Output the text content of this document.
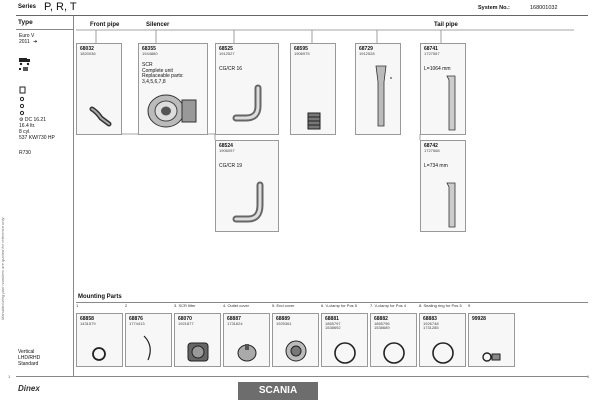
Manufacturing part numbers are quoted for reference only
Series P, R, T	System No.:	168001032
Type
Euro V
2011 ➔
⚙ DC 16.21
16.4 ltr.
8 cyl.
537 KW/730 HP
R730
Front pipe	Silencer	Tail pipe
68032
1820036
68355
1944880
SCR
Complete unit
Replaceable parts:
3,4,5,6,7,8
68525
1912527
CG/CR 16
68595
1906975
68729
1912528
68741
1727567
L=1064 mm
68524
1906097
CG/CR 19
68742
1727568
L=734 mm
Mounting Parts
1
68858
1431579
2
68876
1774413
3. SCR filter
68070
1921877
4. Outlet cover
68887
1731624
5. End cover
68889
1925361
6. V-clamp for Pos 5
68881
1865797
1538692
7. V-clamp for Pos 4
68882
1865796
1538689
8. Sealing ring for Pos 5
68883
1926748
1731285
9
99928
Vertical
LHD/RHD
Standard
Dinex	SCANIA
1	1
